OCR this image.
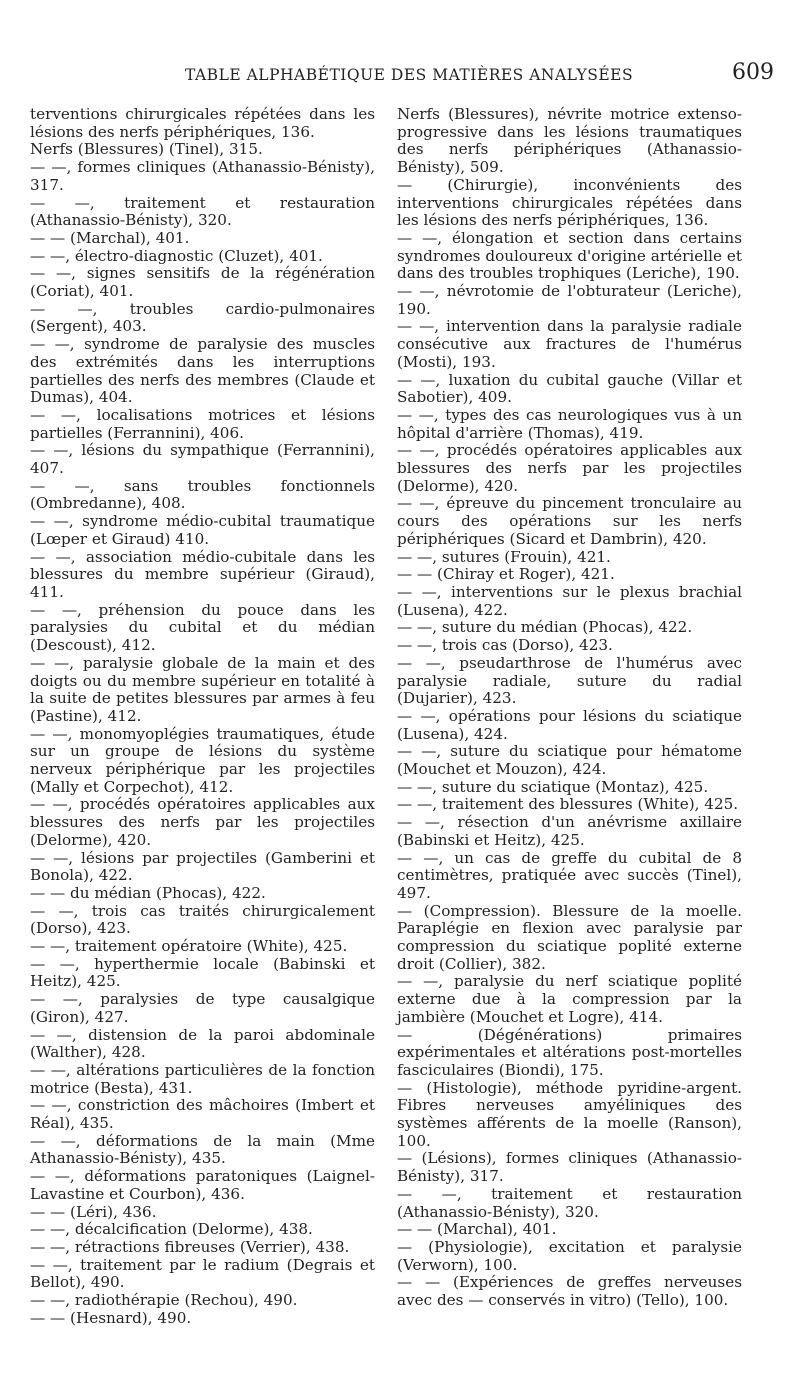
TABLE ALPHABÉTIQUE DES MATIÈRES ANALYSÉES	609

terventions chirurgicales répétées dans les lésions des nerfs périphériques, 136.

Nerfs (Blessures) (Tinel), 315.

— —, formes cliniques (Athanassio-Bénisty), 317.

— —, traitement et restauration (Athanassio-Bénisty), 320.

— — (Marchal), 401.

— —, électro-diagnostic (Cluzet), 401.

— —, signes sensitifs de la régénération (Coriat), 401.

— —, troubles cardio-pulmonaires (Sergent), 403.

— —, syndrome de paralysie des muscles des extrémités dans les interruptions partielles des nerfs des membres (Claude et Dumas), 404.

— —, localisations motrices et lésions partielles (Ferrannini), 406.

— —, lésions du sympathique (Ferrannini), 407.

— —, sans troubles fonctionnels (Ombredanne), 408.

— —, syndrome médio-cubital traumatique (Lœper et Giraud) 410.

— —, association médio-cubitale dans les blessures du membre supérieur (Giraud), 411.

— —, préhension du pouce dans les paralysies du cubital et du médian (Descoust), 412.

— —, paralysie globale de la main et des doigts ou du membre supérieur en totalité à la suite de petites blessures par armes à feu (Pastine), 412.

— —, monomyoplégies traumatiques, étude sur un groupe de lésions du système nerveux périphérique par les projectiles (Mally et Corpechot), 412.

— —, procédés opératoires applicables aux blessures des nerfs par les projectiles (Delorme), 420.

— —, lésions par projectiles (Gamberini et Bonola), 422.

— — du médian (Phocas), 422.

— —, trois cas traités chirurgicalement (Dorso), 423.

— —, traitement opératoire (White), 425.

— —, hyperthermie locale (Babinski et Heitz), 425.

— —, paralysies de type causalgique (Giron), 427.

— —, distension de la paroi abdominale (Walther), 428.

— —, altérations particulières de la fonction motrice (Besta), 431.

— —, constriction des mâchoires (Imbert et Réal), 435.

— —, déformations de la main (Mme Athanassio-Bénisty), 435.

— —, déformations paratoniques (Laignel-Lavastine et Courbon), 436.

— — (Léri), 436.

— —, décalcification (Delorme), 438.

— —, rétractions fibreuses (Verrier), 438.

— —, traitement par le radium (Degrais et Bellot), 490.

— —, radiothérapie (Rechou), 490.

— — (Hesnard), 490.

Nerfs (Blessures), névrite motrice extenso-progressive dans les lésions traumatiques des nerfs périphériques (Athanassio-Bénisty), 509.

— (Chirurgie), inconvénients des interventions chirurgicales répétées dans les lésions des nerfs périphériques, 136.

— —, élongation et section dans certains syndromes douloureux d'origine artérielle et dans des troubles trophiques (Leriche), 190.

— —, névrotomie de l'obturateur (Leriche), 190.

— —, intervention dans la paralysie radiale consécutive aux fractures de l'humérus (Mosti), 193.

— —, luxation du cubital gauche (Villar et Sabotier), 409.

— —, types des cas neurologiques vus à un hôpital d'arrière (Thomas), 419.

— —, procédés opératoires applicables aux blessures des nerfs par les projectiles (Delorme), 420.

— —, épreuve du pincement tronculaire au cours des opérations sur les nerfs périphériques (Sicard et Dambrin), 420.

— —, sutures (Frouin), 421.

— — (Chiray et Roger), 421.

— —, interventions sur le plexus brachial (Lusena), 422.

— —, suture du médian (Phocas), 422.

— —, trois cas (Dorso), 423.

— —, pseudarthrose de l'humérus avec paralysie radiale, suture du radial (Dujarier), 423.

— —, opérations pour lésions du sciatique (Lusena), 424.

— —, suture du sciatique pour hématome (Mouchet et Mouzon), 424.

— —, suture du sciatique (Montaz), 425.

— —, traitement des blessures (White), 425.

— —, résection d'un anévrisme axillaire (Babinski et Heitz), 425.

— —, un cas de greffe du cubital de 8 centimètres, pratiquée avec succès (Tinel), 497.

— (Compression). Blessure de la moelle. Paraplégie en flexion avec paralysie par compression du sciatique poplité externe droit (Collier), 382.

— —, paralysie du nerf sciatique poplité externe due à la compression par la jambière (Mouchet et Logre), 414.

— (Dégénérations) primaires expérimentales et altérations post-mortelles fasciculaires (Biondi), 175.

— (Histologie), méthode pyridine-argent. Fibres nerveuses amyéliniques des systèmes afférents de la moelle (Ranson), 100.

— (Lésions), formes cliniques (Athanassio-Bénisty), 317.

— —, traitement et restauration (Athanassio-Bénisty), 320.

— — (Marchal), 401.

— (Physiologie), excitation et paralysie (Verworn), 100.

— — (Expériences de greffes nerveuses avec des — conservés in vitro) (Tello), 100.
